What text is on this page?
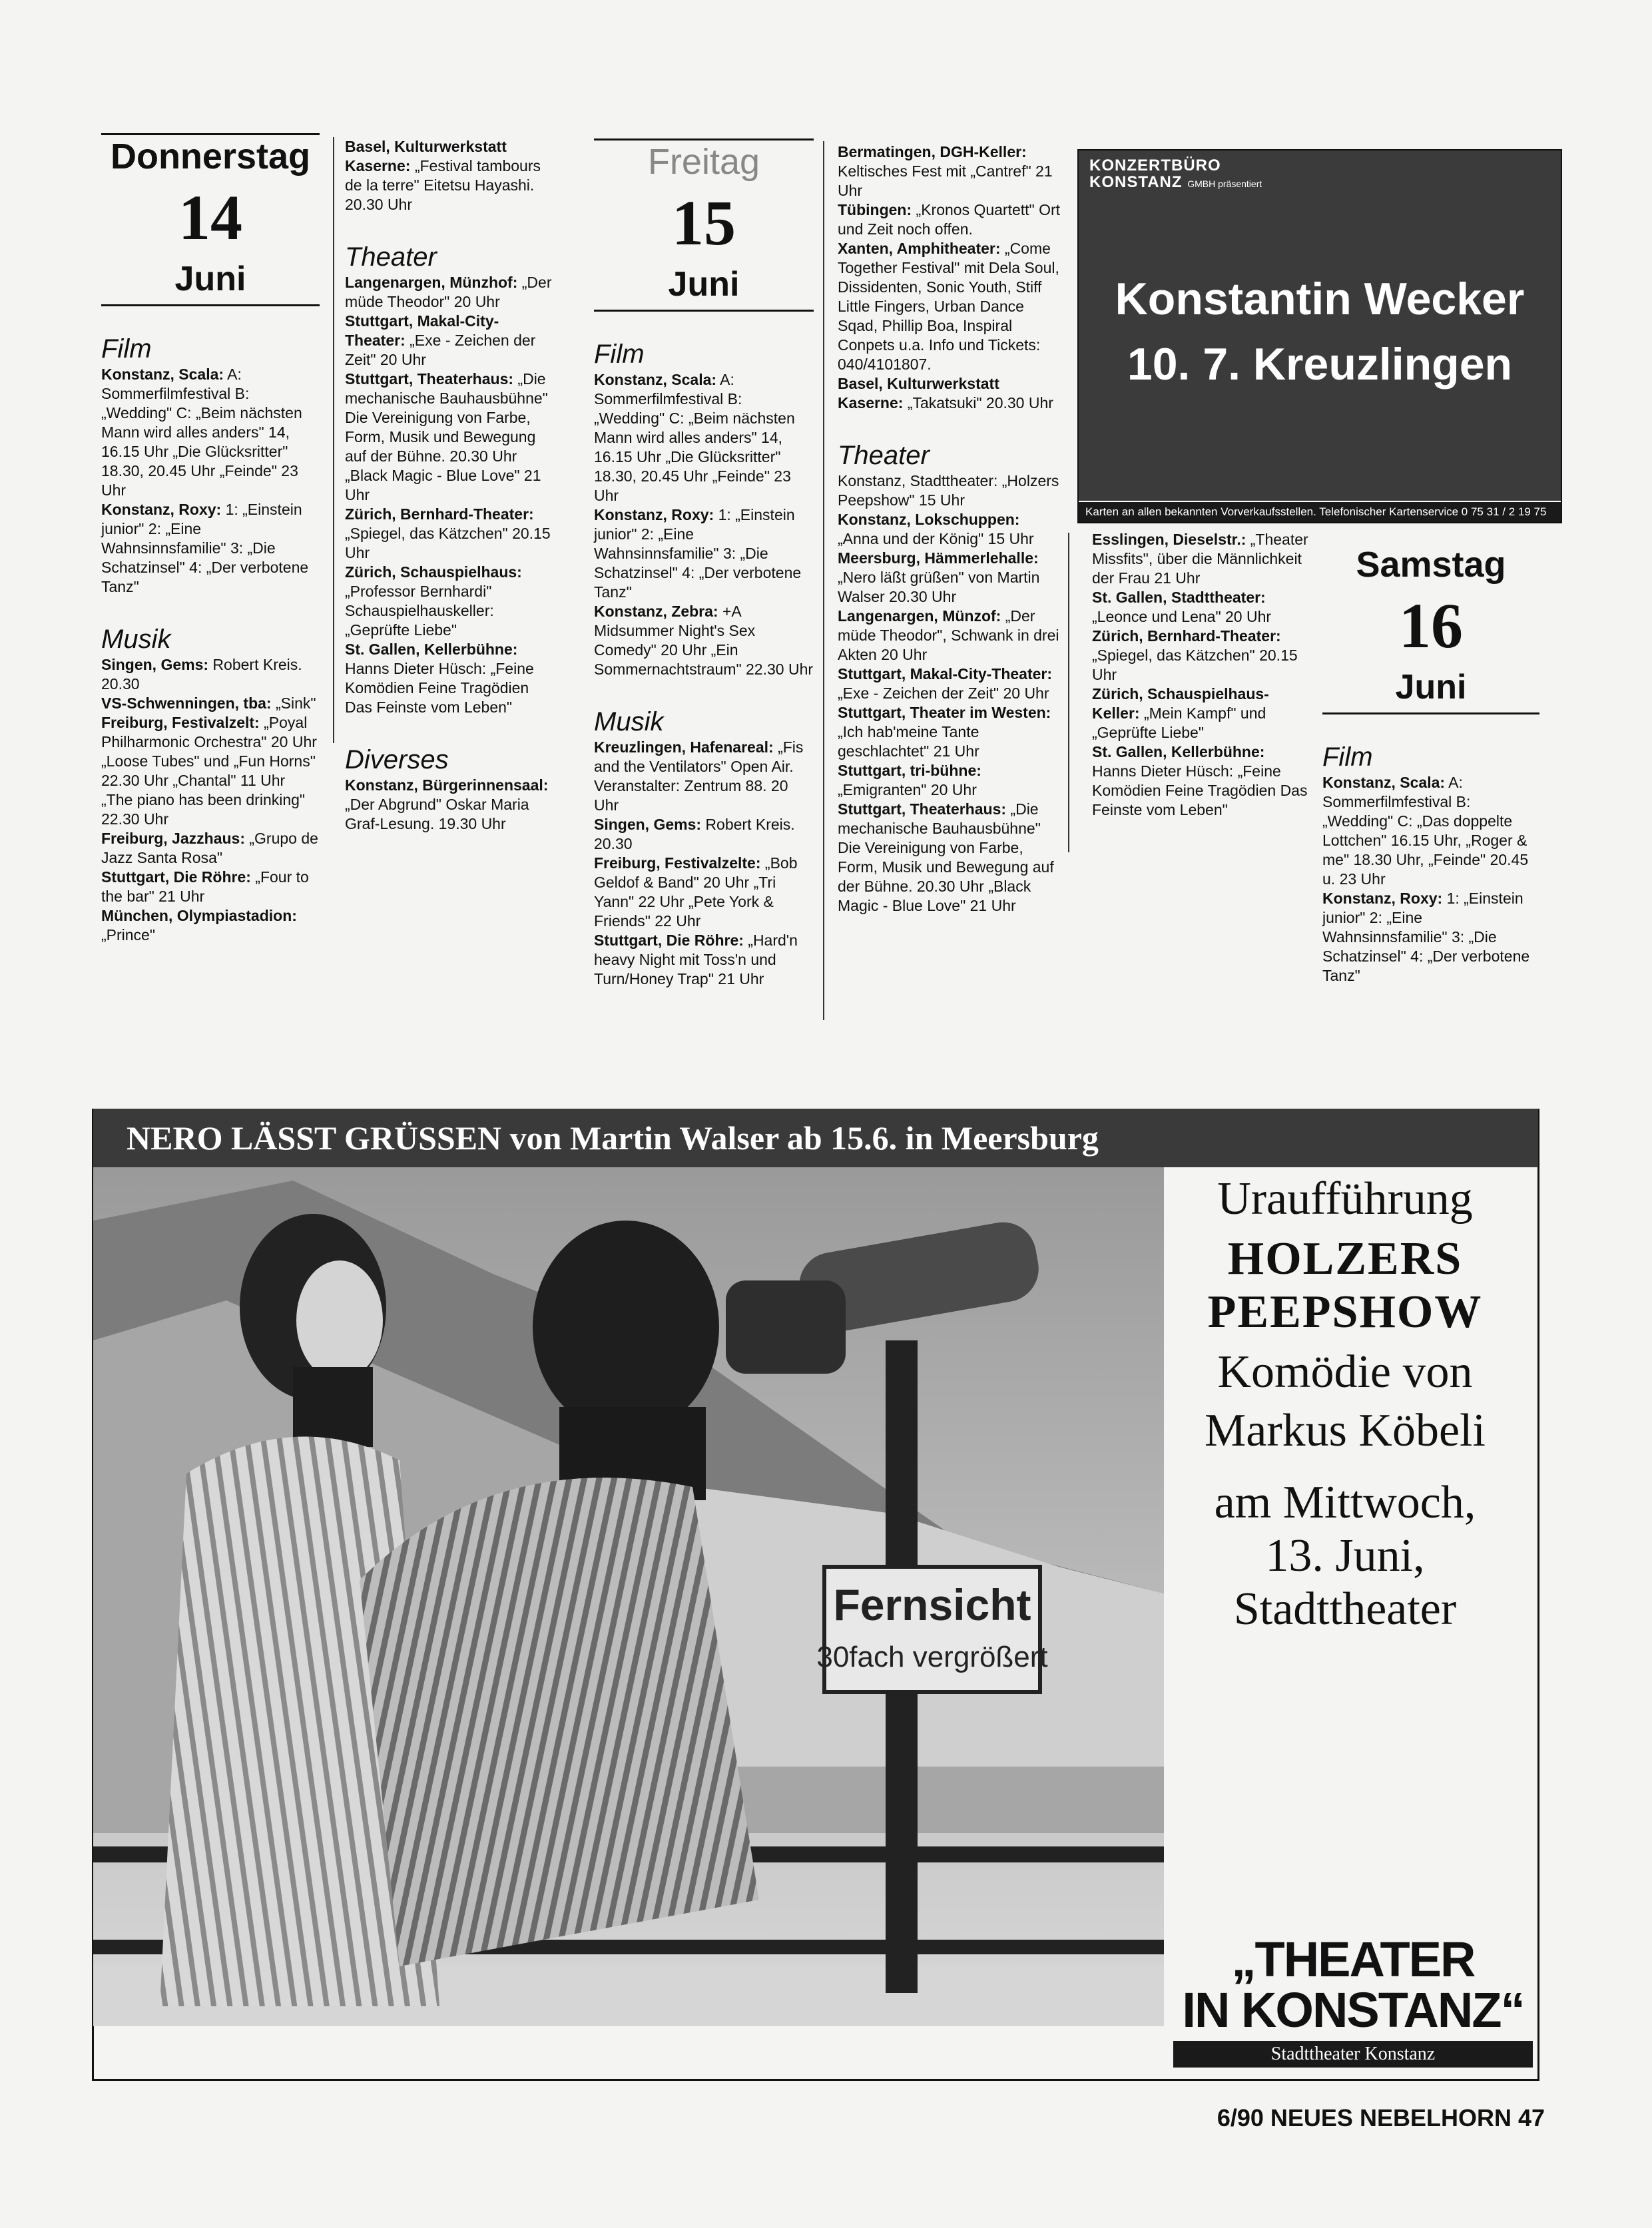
Donnerstag
14
Juni
Film

Konstanz, Scala: A: Sommerfilmfestival B: „Wedding" C: „Beim nächsten Mann wird alles anders" 14, 16.15 Uhr „Die Glücksritter" 18.30, 20.45 Uhr „Feinde" 23 Uhr

Konstanz, Roxy: 1: „Einstein junior" 2: „Eine Wahnsinnsfamilie" 3: „Die Schatzinsel" 4: „Der verbotene Tanz"

Musik

Singen, Gems: Robert Kreis. 20.30

VS-Schwenningen, tba: „Sink"

Freiburg, Festivalzelt: „Poyal Philharmonic Orchestra" 20 Uhr „Loose Tubes" und „Fun Horns" 22.30 Uhr „Chantal" 11 Uhr „The piano has been drinking" 22.30 Uhr

Freiburg, Jazzhaus: „Grupo de Jazz Santa Rosa"

Stuttgart, Die Röhre: „Four to the bar" 21 Uhr

München, Olympiastadion: „Prince"

Basel, Kulturwerkstatt Kaserne: „Festival tambours de la terre" Eitetsu Hayashi. 20.30 Uhr

Theater

Langenargen, Münzhof: „Der müde Theodor" 20 Uhr

Stuttgart, Makal-City-Theater: „Exe - Zeichen der Zeit" 20 Uhr

Stuttgart, Theaterhaus: „Die mechanische Bauhausbühne" Die Vereinigung von Farbe, Form, Musik und Bewegung auf der Bühne. 20.30 Uhr „Black Magic - Blue Love" 21 Uhr

Zürich, Bernhard-Theater: „Spiegel, das Kätzchen" 20.15 Uhr

Zürich, Schauspielhaus: „Professor Bernhardi" Schauspielhauskeller: „Geprüfte Liebe"

St. Gallen, Kellerbühne: Hanns Dieter Hüsch: „Feine Komödien Feine Tragödien Das Feinste vom Leben"

Diverses

Konstanz, Bürgerinnensaal: „Der Abgrund" Oskar Maria Graf-Lesung. 19.30 Uhr

Freitag
15
Juni
Film

Konstanz, Scala: A: Sommerfilmfestival B: „Wedding" C: „Beim nächsten Mann wird alles anders" 14, 16.15 Uhr „Die Glücksritter" 18.30, 20.45 Uhr „Feinde" 23 Uhr

Konstanz, Roxy: 1: „Einstein junior" 2: „Eine Wahnsinnsfamilie" 3: „Die Schatzinsel" 4: „Der verbotene Tanz"

Konstanz, Zebra: +A Midsummer Night's Sex Comedy" 20 Uhr „Ein Sommernachtstraum" 22.30 Uhr

Musik

Kreuzlingen, Hafenareal: „Fis and the Ventilators" Open Air. Veranstalter: Zentrum 88. 20 Uhr

Singen, Gems: Robert Kreis. 20.30

Freiburg, Festivalzelte: „Bob Geldof & Band" 20 Uhr „Tri Yann" 22 Uhr „Pete York & Friends" 22 Uhr

Stuttgart, Die Röhre: „Hard'n heavy Night mit Toss'n und Turn/Honey Trap" 21 Uhr

Bermatingen, DGH-Keller: Keltisches Fest mit „Cantref" 21 Uhr

Tübingen: „Kronos Quartett" Ort und Zeit noch offen.

Xanten, Amphitheater: „Come Together Festival" mit Dela Soul, Dissidenten, Sonic Youth, Stiff Little Fingers, Urban Dance Sqad, Phillip Boa, Inspiral Conpets u.a. Info und Tickets: 040/4101807.

Basel, Kulturwerkstatt Kaserne: „Takatsuki" 20.30 Uhr

Theater

Konstanz, Stadttheater: „Holzers Peepshow" 15 Uhr

Konstanz, Lokschuppen: „Anna und der König" 15 Uhr

Meersburg, Hämmerlehalle: „Nero läßt grüßen" von Martin Walser 20.30 Uhr

Langenargen, Münzof: „Der müde Theodor", Schwank in drei Akten 20 Uhr

Stuttgart, Makal-City-Theater: „Exe - Zeichen der Zeit" 20 Uhr

Stuttgart, Theater im Westen: „Ich hab'meine Tante geschlachtet" 21 Uhr

Stuttgart, tri-bühne: „Emigranten" 20 Uhr

Stuttgart, Theaterhaus: „Die mechanische Bauhausbühne" Die Vereinigung von Farbe, Form, Musik und Bewegung auf der Bühne. 20.30 Uhr „Black Magic - Blue Love" 21 Uhr

KONZERTBÜRO
KONSTANZ GMBH präsentiert
Konstantin Wecker
10. 7. Kreuzlingen
Karten an allen bekannten Vorverkaufsstellen. Telefonischer Kartenservice 0 75 31 / 2 19 75

Esslingen, Dieselstr.: „Theater Missfits", über die Männlichkeit der Frau 21 Uhr

St. Gallen, Stadttheater: „Leonce und Lena" 20 Uhr

Zürich, Bernhard-Theater: „Spiegel, das Kätzchen" 20.15 Uhr

Zürich, Schauspielhaus-Keller: „Mein Kampf" und „Geprüfte Liebe"

St. Gallen, Kellerbühne: Hanns Dieter Hüsch: „Feine Komödien Feine Tragödien Das Feinste vom Leben"

Samstag
16
Juni
Film

Konstanz, Scala: A: Sommerfilmfestival B: „Wedding" C: „Das doppelte Lottchen" 16.15 Uhr, „Roger & me" 18.30 Uhr, „Feinde" 20.45 u. 23 Uhr

Konstanz, Roxy: 1: „Einstein junior" 2: „Eine Wahnsinnsfamilie" 3: „Die Schatzinsel" 4: „Der verbotene Tanz"

NERO LÄSST GRÜSSEN von Martin Walser ab 15.6. in Meersburg
Fernsicht
30fach vergrößert
Uraufführung
HOLZERS
PEEPSHOW
Komödie von
Markus Köbeli
am Mittwoch,
13. Juni,
Stadttheater
„THEATER
IN KONSTANZ“
Stadttheater Konstanz
6/90 NEUES NEBELHORN 47
